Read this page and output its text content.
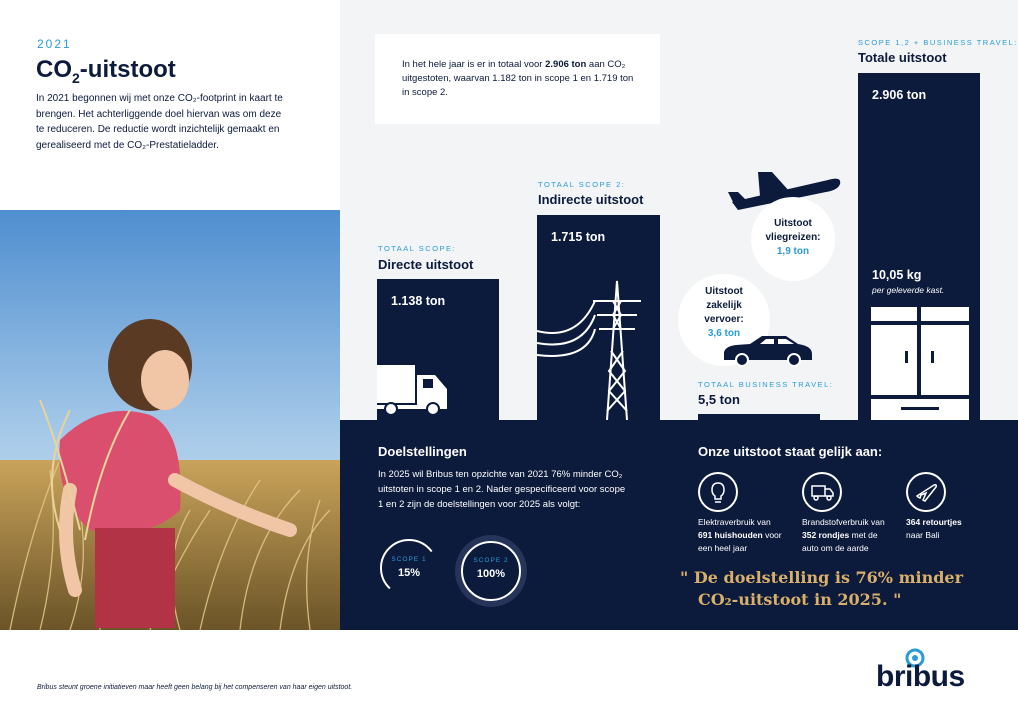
2021
$CO_2$-uitstoot
In 2021 begonnen wij met onze CO₂-footprint in kaart te brengen. Het achterliggende doel hiervan was om deze te reduceren. De reductie wordt inzichtelijk gemaakt en gerealiseerd met de CO₂-Prestatieladder.

In het hele jaar is er in totaal voor 2.906 ton aan CO₂ uitgestoten, waarvan 1.182 ton in scope 1 en 1.719 ton in scope 2.

TOTAAL SCOPE:
Directe uitstoot
1.138 ton
TOTAAL SCOPE 2:
Indirecte uitstoot
1.715 ton
Uitstoot vliegreizen:
1,9 ton
Uitstoot zakelijk vervoer:
3,6 ton
TOTAAL BUSINESS TRAVEL:
5,5 ton
SCOPE 1,2 + BUSINESS TRAVEL:
Totale uitstoot
2.906 ton
10,05 kg
per geleverde kast.
Doelstellingen
In 2025 wil Bribus ten opzichte van 2021 76% minder CO₂ uitstoten in scope 1 en 2. Nader gespecificeerd voor scope 1 en 2 zijn de doelstellingen voor 2025 als volgt:
SCOPE 1
15%
SCOPE 2
100%
Onze uitstoot staat gelijk aan:
Elektraverbruik van
691 huishouden voor een heel jaar
Brandstofverbruik van 352 rondjes met de auto om de aarde
364 retourtjes
naar Bali
" De doelstelling is 76% minder
CO₂-uitstoot in 2025. "
Bribus steunt groene initiatieven maar heeft geen belang bij het compenseren van haar eigen uitstoot.	bribus
